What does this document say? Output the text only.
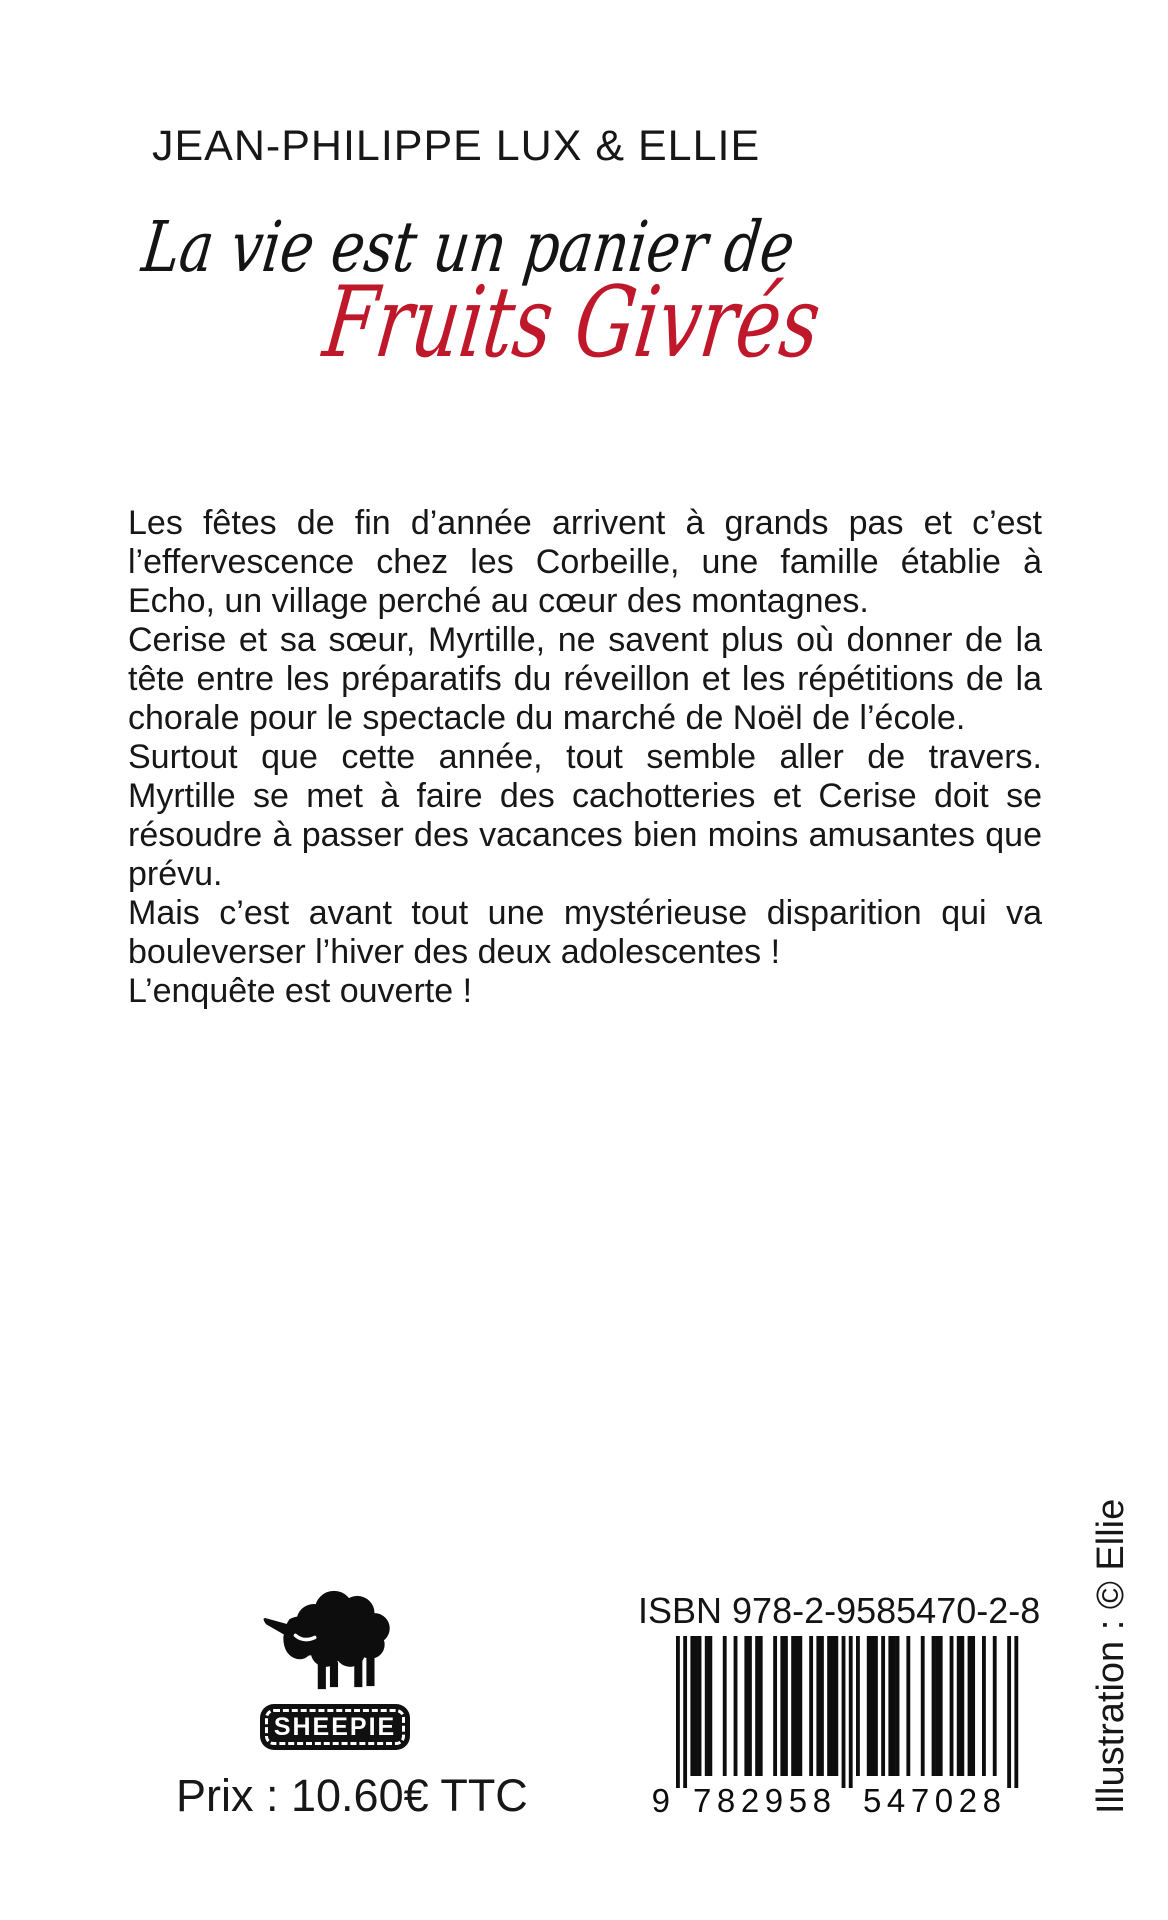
JEAN-PHILIPPE LUX & ELLIE
La vie est un panier de
Fruits Givrés

Les fêtes de fin d’année arrivent à grands pas et c’est l’effervescence chez les Corbeille, une famille établie à Echo, un village perché au cœur des montagnes.

Cerise et sa sœur, Myrtille, ne savent plus où donner de la tête entre les préparatifs du réveillon et les répétitions de la chorale pour le spectacle du marché de Noël de l’école.

Surtout que cette année, tout semble aller de travers. Myrtille se met à faire des cachotteries et Cerise doit se résoudre à passer des vacances bien moins amusantes que prévu.

Mais c’est avant tout une mystérieuse disparition qui va bouleverser l’hiver des deux adolescentes !

L’enquête est ouverte !

SHEEPIE
Prix : 10.60€ TTC
ISBN 978-2-9585470-2-8
9 782958 547028 Illustration : © Ellie
